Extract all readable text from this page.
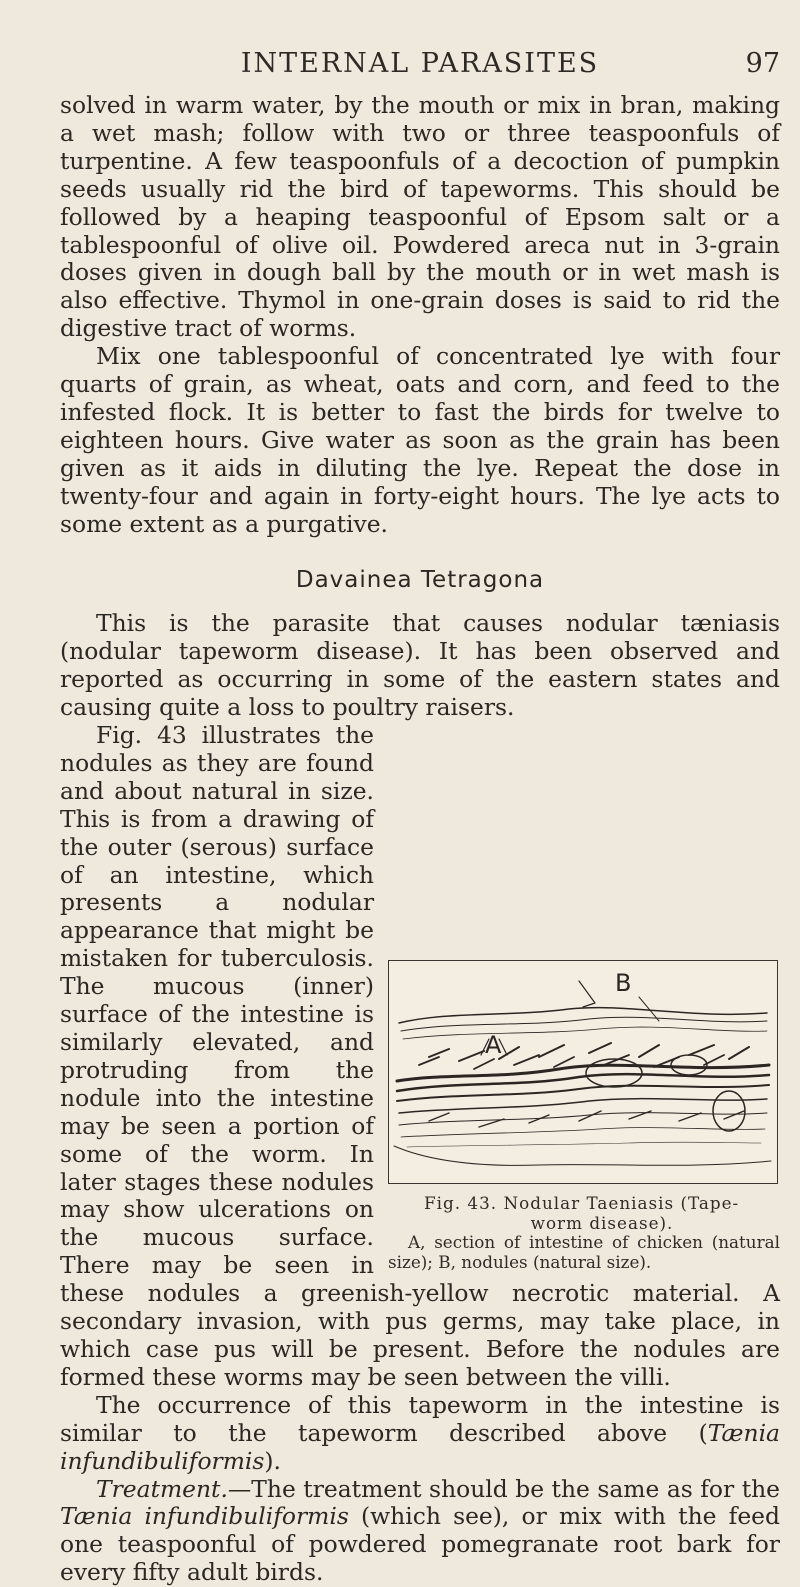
INTERNAL PARASITES	97

solved in warm water, by the mouth or mix in bran, making a wet mash; follow with two or three teaspoonfuls of turpentine. A few teaspoonfuls of a decoction of pumpkin seeds usually rid the bird of tapeworms. This should be followed by a heaping teaspoonful of Epsom salt or a tablespoonful of olive oil. Powdered areca nut in 3-grain doses given in dough ball by the mouth or in wet mash is also effective. Thymol in one-grain doses is said to rid the digestive tract of worms.

Mix one tablespoonful of concentrated lye with four quarts of grain, as wheat, oats and corn, and feed to the infested flock. It is better to fast the birds for twelve to eighteen hours. Give water as soon as the grain has been given as it aids in diluting the lye. Repeat the dose in twenty-four and again in forty-eight hours. The lye acts to some extent as a purgative.

Davainea Tetragona

This is the parasite that causes nodular tæniasis (nodular tapeworm disease). It has been observed and reported as occurring in some of the eastern states and causing quite a loss to poultry raisers.

A
B
Fig. 43. Nodular Taeniasis (Tape-
worm disease).
A, section of intestine of chicken (natural size); B, nodules (natural size).
Fig. 43 illustrates the nodules as they are found and about natural in size. This is from a drawing of the outer (serous) surface of an intestine, which presents a nodular appearance that might be mistaken for tuberculosis. The mucous (inner) surface of the intestine is similarly elevated, and protruding from the nodule into the intestine may be seen a portion of some of the worm. In later stages these nodules may show ulcerations on the mucous surface. There may be seen in these nodules a greenish-yellow necrotic material. A secondary invasion, with pus germs, may take place, in which case pus will be present. Before the nodules are formed these worms may be seen between the villi.

The occurrence of this tapeworm in the intestine is similar to the tapeworm described above (Tænia infundibuliformis).

Treatment.—The treatment should be the same as for the Tænia infundibuliformis (which see), or mix with the feed one teaspoonful of powdered pomegranate root bark for every fifty adult birds.
